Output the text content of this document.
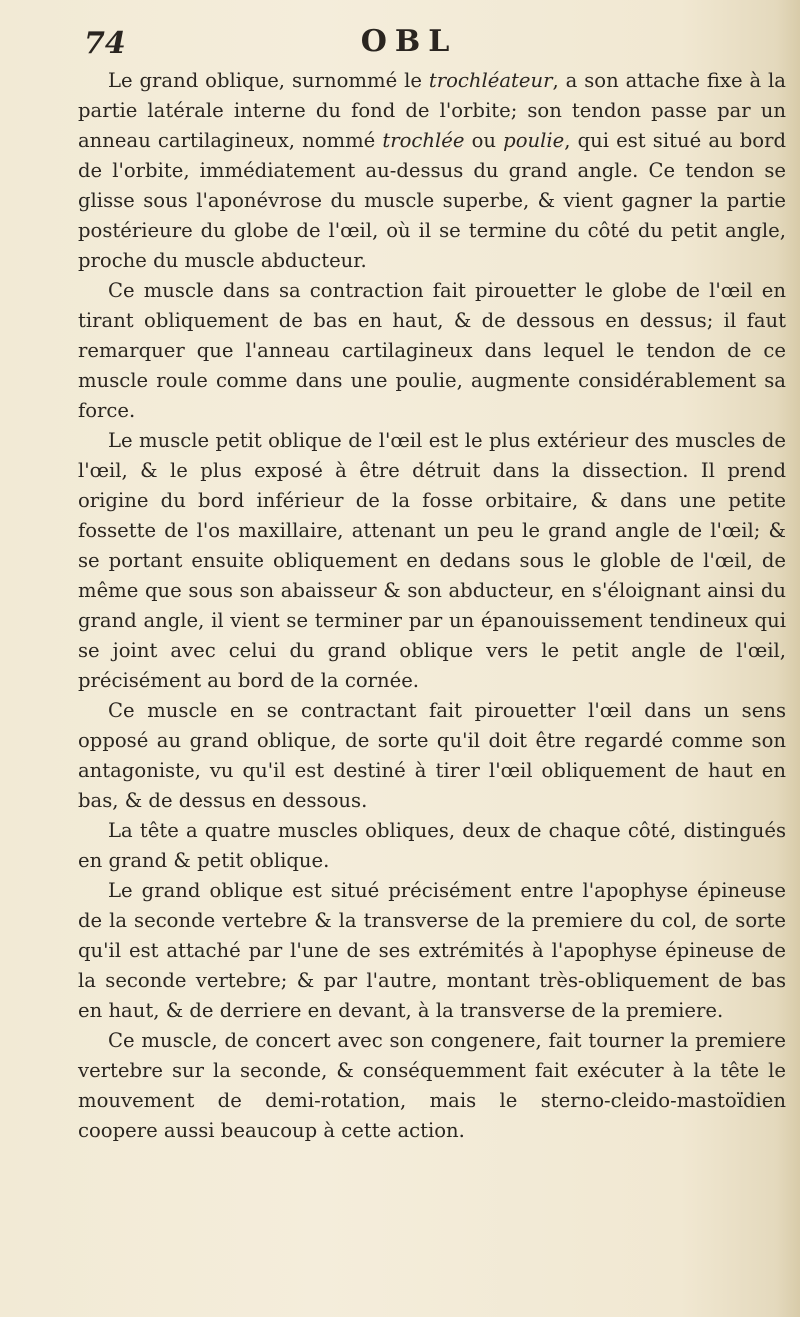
74	OBL

Le grand oblique, surnommé le trochléateur, a son attache fixe à la partie latérale interne du fond de l'orbite; son tendon passe par un anneau cartilagineux, nommé trochlée ou poulie, qui est situé au bord de l'orbite, immédiatement au-dessus du grand angle. Ce tendon se glisse sous l'aponévrose du muscle superbe, & vient gagner la partie postérieure du globe de l'œil, où il se termine du côté du petit angle, proche du muscle abducteur.

Ce muscle dans sa contraction fait pirouetter le globe de l'œil en tirant obliquement de bas en haut, & de dessous en dessus; il faut remarquer que l'anneau cartilagineux dans lequel le tendon de ce muscle roule comme dans une poulie, augmente considérablement sa force.

Le muscle petit oblique de l'œil est le plus extérieur des muscles de l'œil, & le plus exposé à être détruit dans la dissection. Il prend origine du bord inférieur de la fosse orbitaire, & dans une petite fossette de l'os maxillaire, attenant un peu le grand angle de l'œil; & se portant ensuite obliquement en dedans sous le globle de l'œil, de même que sous son abaisseur & son abducteur, en s'éloignant ainsi du grand angle, il vient se terminer par un épanouissement tendineux qui se joint avec celui du grand oblique vers le petit angle de l'œil, précisément au bord de la cornée.

Ce muscle en se contractant fait pirouetter l'œil dans un sens opposé au grand oblique, de sorte qu'il doit être regardé comme son antagoniste, vu qu'il est destiné à tirer l'œil obliquement de haut en bas, & de dessus en dessous.

La tête a quatre muscles obliques, deux de chaque côté, distingués en grand & petit oblique.

Le grand oblique est situé précisément entre l'apophyse épineuse de la seconde vertebre & la transverse de la premiere du col, de sorte qu'il est attaché par l'une de ses extrémités à l'apophyse épineuse de la seconde vertebre; & par l'autre, montant très-obliquement de bas en haut, & de derriere en devant, à la transverse de la premiere.

Ce muscle, de concert avec son congenere, fait tourner la premiere vertebre sur la seconde, & conséquemment fait exécuter à la tête le mouvement de demi-rotation, mais le sterno-cleido-mastoïdien coopere aussi beaucoup à cette action.
